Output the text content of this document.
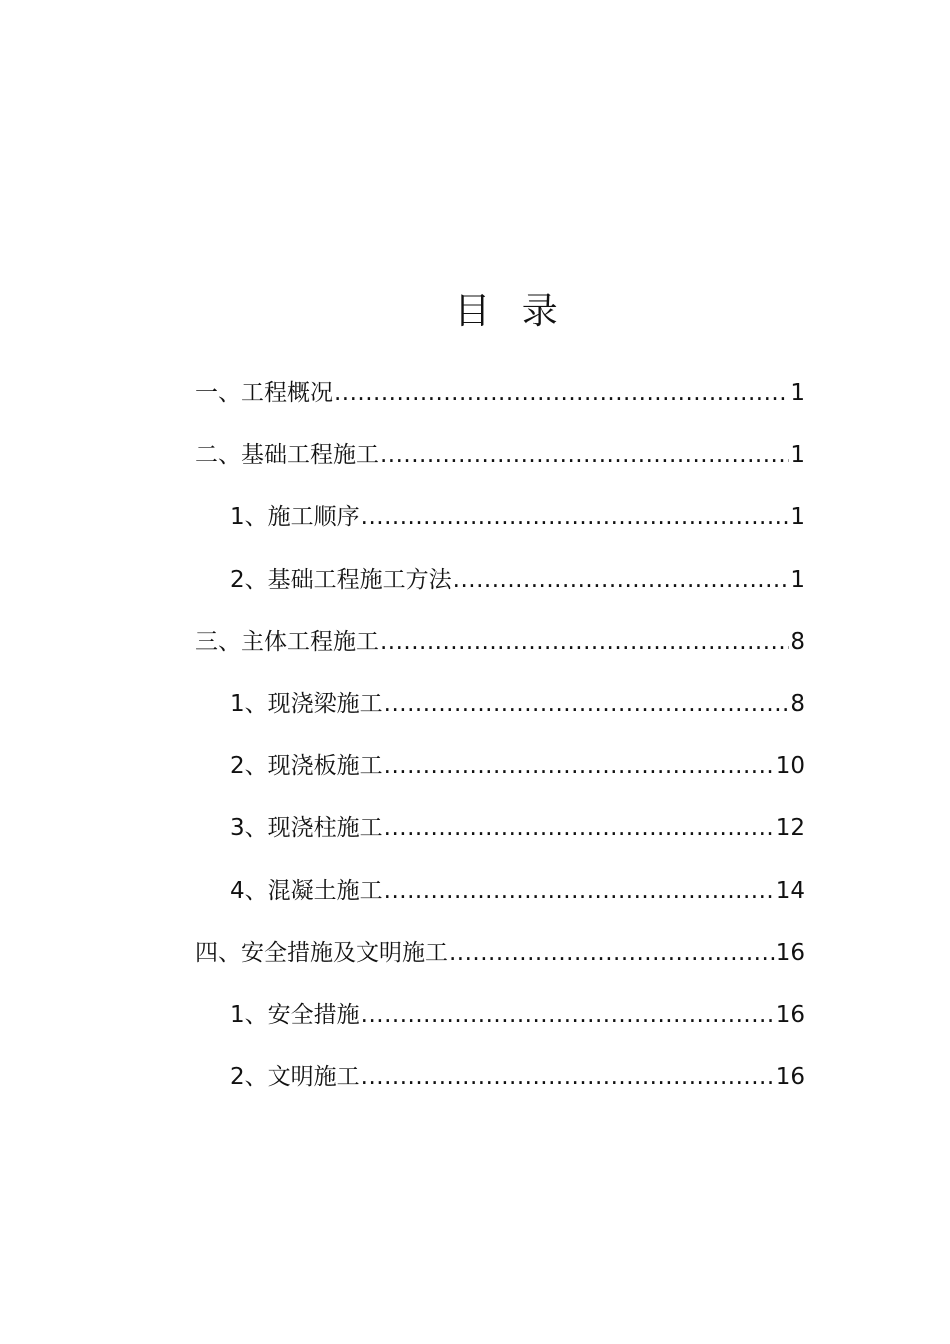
目 录
一、工程概况 .....	1
二、基础工程施工 .....	1
1、施工顺序 .....	1
2、基础工程施工方法 .....	1
三、主体工程施工 .....	8
1、现浇梁施工 .....	8
2、现浇板施工 .....	10
3、现浇柱施工 .....	12
4、混凝土施工 .....	14
四、安全措施及文明施工 .....	16
1、安全措施 .....	16
2、文明施工 .....	16
